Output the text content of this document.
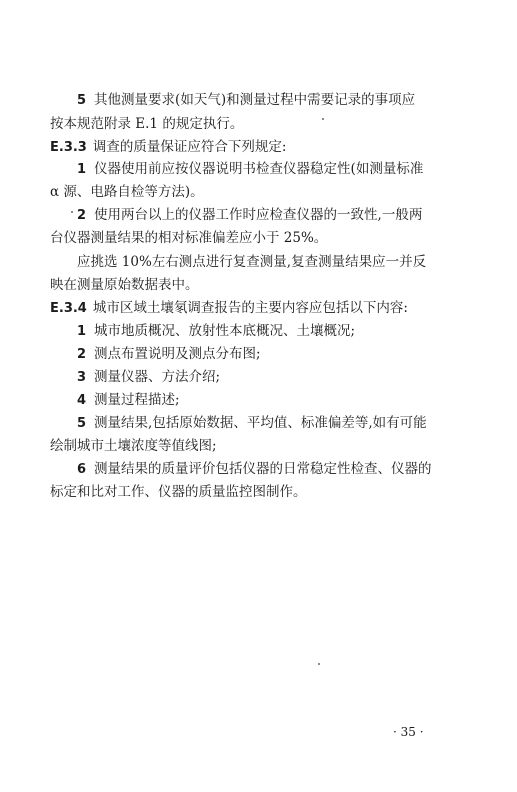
5 其他测量要求(如天气)和测量过程中需要记录的事项应
按本规范附录 E.1 的规定执行。
E.3.3 调查的质量保证应符合下列规定:
1 仪器使用前应按仪器说明书检查仪器稳定性(如测量标准
α 源、电路自检等方法)。
2 使用两台以上的仪器工作时应检查仪器的一致性,一般两
台仪器测量结果的相对标准偏差应小于 25%。
应挑选 10%左右测点进行复查测量,复查测量结果应一并反
映在测量原始数据表中。
E.3.4 城市区域土壤氡调查报告的主要内容应包括以下内容:
1 城市地质概况、放射性本底概况、土壤概况;
2 测点布置说明及测点分布图;
3 测量仪器、方法介绍;
4 测量过程描述;
5 测量结果,包括原始数据、平均值、标准偏差等,如有可能
绘制城市土壤浓度等值线图;
6 测量结果的质量评价包括仪器的日常稳定性检查、仪器的
标定和比对工作、仪器的质量监控图制作。
· 35 ·
